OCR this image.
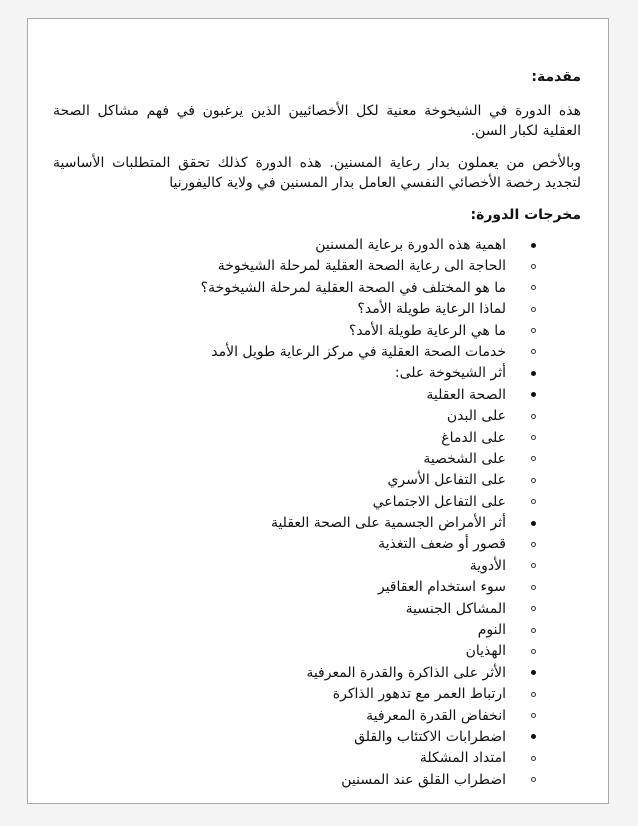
مقدمة:

هذه الدورة في الشيخوخة معنية لكل الأخصائيين الذين يرغبون في فهم مشاكل الصحة العقلية لكبار السن.

وبالأخص من يعملون بدار رعاية المسنين. هذه الدورة كذلك تحقق المتطلبات الأساسية لتجديد رخصة الأخصائي النفسي العامل بدار المسنين في ولاية كاليفورنيا

مخرجات الدورة:
اهمية هذه الدورة برعاية المسنين
الحاجة الى رعاية الصحة العقلية لمرحلة الشيخوخة
ما هو المختلف في الصحة العقلية لمرحلة الشيخوخة؟
لماذا الرعاية طويلة الأمد؟
ما هي الرعاية طويلة الأمد؟
خدمات الصحة العقلية في مركز الرعاية طويل الأمد
أثر الشيخوخة على:
الصحة العقلية
على البدن
على الدماغ
على الشخصية
على التفاعل الأسري
على التفاعل الاجتماعي
أثر الأمراض الجسمية على الصحة العقلية
قصور أو ضعف التغذية
الأدوية
سوء استخدام العقاقير
المشاكل الجنسية
النوم
الهذيان
الأثر على الذاكرة والقدرة المعرفية
ارتباط العمر مع تدهور الذاكرة
انخفاض القدرة المعرفية
اضطرابات الاكتئاب والقلق
امتداد المشكلة
اضطراب القلق عند المسنين
